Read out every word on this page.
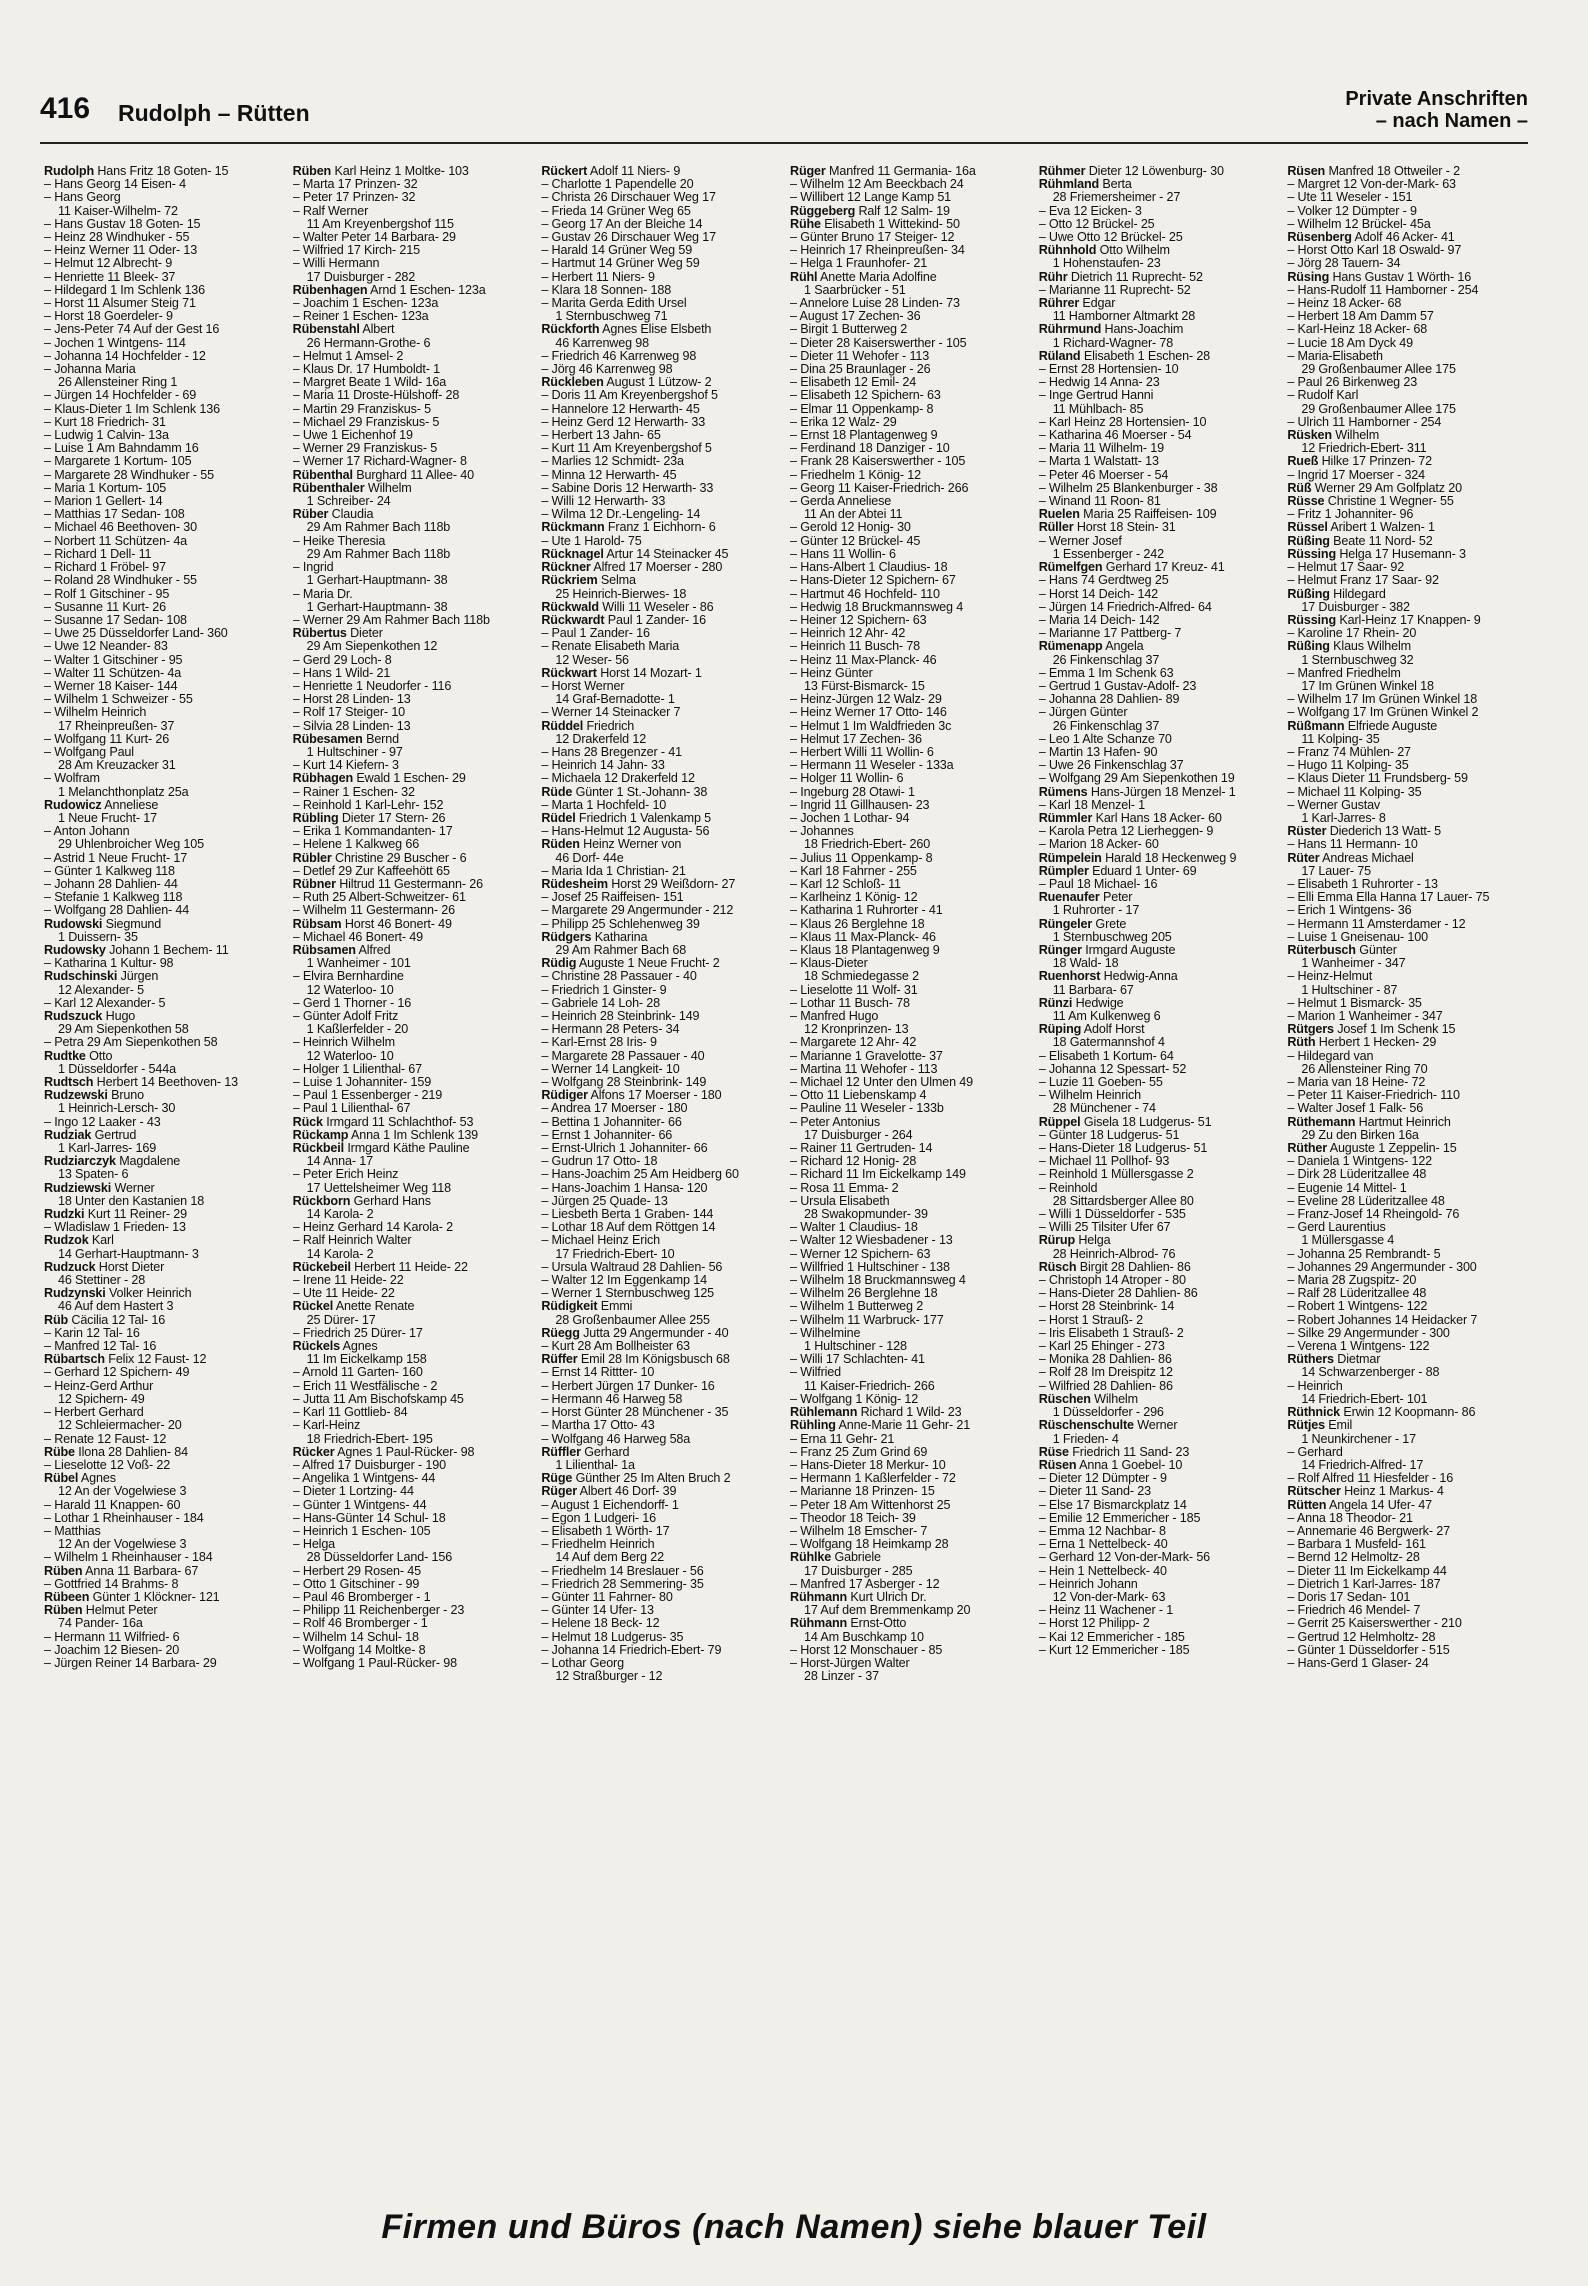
416 Rudolph – Rütten
Private Anschriften
– nach Namen –
Rudolph Hans Fritz 18 Goten- 15
– Hans Georg 14 Eisen- 4
– Hans Georg
11 Kaiser-Wilhelm- 72
– Hans Gustav 18 Goten- 15
– Heinz 28 Windhuker - 55
– Heinz Werner 11 Oder- 13
– Helmut 12 Albrecht- 9
– Henriette 11 Bleek- 37
– Hildegard 1 Im Schlenk 136
– Horst 11 Alsumer Steig 71
– Horst 18 Goerdeler- 9
– Jens-Peter 74 Auf der Gest 16
– Jochen 1 Wintgens- 114
– Johanna 14 Hochfelder - 12
– Johanna Maria
26 Allensteiner Ring 1
– Jürgen 14 Hochfelder - 69
– Klaus-Dieter 1 Im Schlenk 136
– Kurt 18 Friedrich- 31
– Ludwig 1 Calvin- 13a
– Luise 1 Am Bahndamm 16
– Margarete 1 Kortum- 105
– Margarete 28 Windhuker - 55
– Maria 1 Kortum- 105
– Marion 1 Gellert- 14
– Matthias 17 Sedan- 108
– Michael 46 Beethoven- 30
– Norbert 11 Schützen- 4a
– Richard 1 Dell- 11
– Richard 1 Fröbel- 97
– Roland 28 Windhuker - 55
– Rolf 1 Gitschiner - 95
– Susanne 11 Kurt- 26
– Susanne 17 Sedan- 108
– Uwe 25 Düsseldorfer Land- 360
– Uwe 12 Neander- 83
– Walter 1 Gitschiner - 95
– Walter 11 Schützen- 4a
– Werner 18 Kaiser- 144
– Wilhelm 1 Schweizer - 55
– Wilhelm Heinrich
17 Rheinpreußen- 37
– Wolfgang 11 Kurt- 26
– Wolfgang Paul
28 Am Kreuzacker 31
– Wolfram
1 Melanchthonplatz 25a
Rudowicz Anneliese
1 Neue Frucht- 17
– Anton Johann
29 Uhlenbroicher Weg 105
– Astrid 1 Neue Frucht- 17
– Günter 1 Kalkweg 118
– Johann 28 Dahlien- 44
– Stefanie 1 Kalkweg 118
– Wolfgang 28 Dahlien- 44
Rudowski Siegmund
1 Duissern- 35
Rudowsky Johann 1 Bechem- 11
– Katharina 1 Kultur- 98
Rudschinski Jürgen
12 Alexander- 5
– Karl 12 Alexander- 5
Rudszuck Hugo
29 Am Siepenkothen 58
– Petra 29 Am Siepenkothen 58
Rudtke Otto
1 Düsseldorfer - 544a
Rudtsch Herbert 14 Beethoven- 13
Rudzewski Bruno
1 Heinrich-Lersch- 30
– Ingo 12 Laaker - 43
Rudziak Gertrud
1 Karl-Jarres- 169
Rudziarczyk Magdalene
13 Spaten- 6
Rudziewski Werner
18 Unter den Kastanien 18
Rudzki Kurt 11 Reiner- 29
– Wladislaw 1 Frieden- 13
Rudzok Karl
14 Gerhart-Hauptmann- 3
Rudzuck Horst Dieter
46 Stettiner - 28
Rudzynski Volker Heinrich
46 Auf dem Hastert 3
Rüb Cäcilia 12 Tal- 16
– Karin 12 Tal- 16
– Manfred 12 Tal- 16
Rübartsch Felix 12 Faust- 12
– Gerhard 12 Spichern- 49
– Heinz-Gerd Arthur
12 Spichern- 49
– Herbert Gerhard
12 Schleiermacher- 20
– Renate 12 Faust- 12
Rübe Ilona 28 Dahlien- 84
– Lieselotte 12 Voß- 22
Rübel Agnes
12 An der Vogelwiese 3
– Harald 11 Knappen- 60
– Lothar 1 Rheinhauser - 184
– Matthias
12 An der Vogelwiese 3
– Wilhelm 1 Rheinhauser - 184
Rüben Anna 11 Barbara- 67
– Gottfried 14 Brahms- 8
Rübeen Günter 1 Klöckner- 121
Rüben Helmut Peter
74 Pander- 16a
– Hermann 11 Wilfried- 6
– Joachim 12 Biesen- 20
– Jürgen Reiner 14 Barbara- 29
Rüben Karl Heinz 1 Moltke- 103
– Marta 17 Prinzen- 32
– Peter 17 Prinzen- 32
– Ralf Werner
11 Am Kreyenbergshof 115
– Walter Peter 14 Barbara- 29
– Wilfried 17 Kirch- 215
– Willi Hermann
17 Duisburger - 282
Rübenhagen Arnd 1 Eschen- 123a
– Joachim 1 Eschen- 123a
– Reiner 1 Eschen- 123a
Rübenstahl Albert
26 Hermann-Grothe- 6
– Helmut 1 Amsel- 2
– Klaus Dr. 17 Humboldt- 1
– Margret Beate 1 Wild- 16a
– Maria 11 Droste-Hülshoff- 28
– Martin 29 Franziskus- 5
– Michael 29 Franziskus- 5
– Uwe 1 Eichenhof 19
– Werner 29 Franziskus- 5
– Werner 17 Richard-Wagner- 8
Rübenthal Burghard 11 Allee- 40
Rübenthaler Wilhelm
1 Schreiber- 24
Rüber Claudia
29 Am Rahmer Bach 118b
– Heike Theresia
29 Am Rahmer Bach 118b
– Ingrid
1 Gerhart-Hauptmann- 38
– Maria Dr.
1 Gerhart-Hauptmann- 38
– Werner 29 Am Rahmer Bach 118b
Rübertus Dieter
29 Am Siepenkothen 12
– Gerd 29 Loch- 8
– Hans 1 Wild- 21
– Henriette 1 Neudorfer - 116
– Horst 28 Linden- 13
– Rolf 17 Steiger- 10
– Silvia 28 Linden- 13
Rübesamen Bernd
1 Hultschiner - 97
– Kurt 14 Kiefern- 3
Rübhagen Ewald 1 Eschen- 29
– Rainer 1 Eschen- 32
– Reinhold 1 Karl-Lehr- 152
Rübling Dieter 17 Stern- 26
– Erika 1 Kommandanten- 17
– Helene 1 Kalkweg 66
Rübler Christine 29 Buscher - 6
– Detlef 29 Zur Kaffeehött 65
Rübner Hiltrud 11 Gestermann- 26
– Ruth 25 Albert-Schweitzer- 61
– Wilhelm 11 Gestermann- 26
Rübsam Horst 46 Bonert- 49
– Michael 46 Bonert- 49
Rübsamen Alfred
1 Wanheimer - 101
– Elvira Bernhardine
12 Waterloo- 10
– Gerd 1 Thorner - 16
– Günter Adolf Fritz
1 Kaßlerfelder - 20
– Heinrich Wilhelm
12 Waterloo- 10
– Holger 1 Lilienthal- 67
– Luise 1 Johanniter- 159
– Paul 1 Essenberger - 219
– Paul 1 Lilienthal- 67
Rück Irmgard 11 Schlachthof- 53
Rückamp Anna 1 Im Schlenk 139
Rückbeil Irmgard Käthe Pauline
14 Anna- 17
– Peter Erich Heinz
17 Uettelsheimer Weg 118
Rückborn Gerhard Hans
14 Karola- 2
– Heinz Gerhard 14 Karola- 2
– Ralf Heinrich Walter
14 Karola- 2
Rückebeil Herbert 11 Heide- 22
– Irene 11 Heide- 22
– Ute 11 Heide- 22
Rückel Anette Renate
25 Dürer- 17
– Friedrich 25 Dürer- 17
Rückels Agnes
11 Im Eickelkamp 158
– Arnold 11 Garten- 160
– Erich 11 Westfälische - 2
– Jutta 11 Am Bischofskamp 45
– Karl 11 Gottlieb- 84
– Karl-Heinz
18 Friedrich-Ebert- 195
Rücker Agnes 1 Paul-Rücker- 98
– Alfred 17 Duisburger - 190
– Angelika 1 Wintgens- 44
– Dieter 1 Lortzing- 44
– Günter 1 Wintgens- 44
– Hans-Günter 14 Schul- 18
– Heinrich 1 Eschen- 105
– Helga
28 Düsseldorfer Land- 156
– Herbert 29 Rosen- 45
– Otto 1 Gitschiner - 99
– Paul 46 Bromberger - 1
– Philipp 11 Reichenberger - 23
– Rolf 46 Bromberger - 1
– Wilhelm 14 Schul- 18
– Wolfgang 14 Moltke- 8
– Wolfgang 1 Paul-Rücker- 98
Rückert Adolf 11 Niers- 9
– Charlotte 1 Papendelle 20
– Christa 26 Dirschauer Weg 17
– Frieda 14 Grüner Weg 65
– Georg 17 An der Bleiche 14
– Gustav 26 Dirschauer Weg 17
– Harald 14 Grüner Weg 59
– Hartmut 14 Grüner Weg 59
– Herbert 11 Niers- 9
– Klara 18 Sonnen- 188
– Marita Gerda Edith Ursel
1 Sternbuschweg 71
Rückforth Agnes Elise Elsbeth
46 Karrenweg 98
– Friedrich 46 Karrenweg 98
– Jörg 46 Karrenweg 98
Rückleben August 1 Lützow- 2
– Doris 11 Am Kreyenbergshof 5
– Hannelore 12 Herwarth- 45
– Heinz Gerd 12 Herwarth- 33
– Herbert 13 Jahn- 65
– Kurt 11 Am Kreyenbergshof 5
– Marlies 12 Schmidt- 23a
– Minna 12 Herwarth- 45
– Sabine Doris 12 Herwarth- 33
– Willi 12 Herwarth- 33
– Wilma 12 Dr.-Lengeling- 14
Rückmann Franz 1 Eichhorn- 6
– Ute 1 Harold- 75
Rücknagel Artur 14 Steinacker 45
Rückner Alfred 17 Moerser - 280
Rückriem Selma
25 Heinrich-Bierwes- 18
Rückwald Willi 11 Weseler - 86
Rückwardt Paul 1 Zander- 16
– Paul 1 Zander- 16
– Renate Elisabeth Maria
12 Weser- 56
Rückwart Horst 14 Mozart- 1
– Horst Werner
14 Graf-Bernadotte- 1
– Werner 14 Steinacker 7
Rüddel Friedrich
12 Drakerfeld 12
– Hans 28 Bregenzer - 41
– Heinrich 14 Jahn- 33
– Michaela 12 Drakerfeld 12
Rüde Günter 1 St.-Johann- 38
– Marta 1 Hochfeld- 10
Rüdel Friedrich 1 Valenkamp 5
– Hans-Helmut 12 Augusta- 56
Rüden Heinz Werner von
46 Dorf- 44e
– Maria Ida 1 Christian- 21
Rüdesheim Horst 29 Weißdorn- 27
– Josef 25 Raiffeisen- 151
– Margarete 29 Angermunder - 212
– Philipp 25 Schlehenweg 39
Rüdgers Katharina
29 Am Rahmer Bach 68
Rüdig Auguste 1 Neue Frucht- 2
– Christine 28 Passauer - 40
– Friedrich 1 Ginster- 9
– Gabriele 14 Loh- 28
– Heinrich 28 Steinbrink- 149
– Hermann 28 Peters- 34
– Karl-Ernst 28 Iris- 9
– Margarete 28 Passauer - 40
– Werner 14 Langkeit- 10
– Wolfgang 28 Steinbrink- 149
Rüdiger Alfons 17 Moerser - 180
– Andrea 17 Moerser - 180
– Bettina 1 Johanniter- 66
– Ernst 1 Johanniter- 66
– Ernst-Ulrich 1 Johanniter- 66
– Gudrun 17 Otto- 18
– Hans-Joachim 25 Am Heidberg 60
– Hans-Joachim 1 Hansa- 120
– Jürgen 25 Quade- 13
– Liesbeth Berta 1 Graben- 144
– Lothar 18 Auf dem Röttgen 14
– Michael Heinz Erich
17 Friedrich-Ebert- 10
– Ursula Waltraud 28 Dahlien- 56
– Walter 12 Im Eggenkamp 14
– Werner 1 Sternbuschweg 125
Rüdigkeit Emmi
28 Großenbaumer Allee 255
Rüegg Jutta 29 Angermunder - 40
– Kurt 28 Am Bollheister 63
Rüffer Emil 28 Im Königsbusch 68
– Ernst 14 Rittter- 10
– Herbert Jürgen 17 Dunker- 16
– Hermann 46 Harweg 58
– Horst Günter 28 Münchener - 35
– Martha 17 Otto- 43
– Wolfgang 46 Harweg 58a
Rüffler Gerhard
1 Lilienthal- 1a
Rüge Günther 25 Im Alten Bruch 2
Rüger Albert 46 Dorf- 39
– August 1 Eichendorff- 1
– Egon 1 Ludgeri- 16
– Elisabeth 1 Wörth- 17
– Friedhelm Heinrich
14 Auf dem Berg 22
– Friedhelm 14 Breslauer - 56
– Friedrich 28 Semmering- 35
– Günter 11 Fahrner- 80
– Günter 14 Ufer- 13
– Helene 18 Beck- 12
– Helmut 18 Ludgerus- 35
– Johanna 14 Friedrich-Ebert- 79
– Lothar Georg
12 Straßburger - 12
Rüger Manfred 11 Germania- 16a
– Wilhelm 12 Am Beeckbach 24
– Willibert 12 Lange Kamp 51
Rüggeberg Ralf 12 Salm- 19
Rühe Elisabeth 1 Wittekind- 50
– Günter Bruno 17 Steiger- 12
– Heinrich 17 Rheinpreußen- 34
– Helga 1 Fraunhofer- 21
Rühl Anette Maria Adolfine
1 Saarbrücker - 51
– Annelore Luise 28 Linden- 73
– August 17 Zechen- 36
– Birgit 1 Butterweg 2
– Dieter 28 Kaiserswerther - 105
– Dieter 11 Wehofer - 113
– Dina 25 Braunlager - 26
– Elisabeth 12 Emil- 24
– Elisabeth 12 Spichern- 63
– Elmar 11 Oppenkamp- 8
– Erika 12 Walz- 29
– Ernst 18 Plantagenweg 9
– Ferdinand 18 Danziger - 10
– Frank 28 Kaiserswerther - 105
– Friedhelm 1 König- 12
– Georg 11 Kaiser-Friedrich- 266
– Gerda Anneliese
11 An der Abtei 11
– Gerold 12 Honig- 30
– Günter 12 Brückel- 45
– Hans 11 Wollin- 6
– Hans-Albert 1 Claudius- 18
– Hans-Dieter 12 Spichern- 67
– Hartmut 46 Hochfeld- 110
– Hedwig 18 Bruckmannsweg 4
– Heiner 12 Spichern- 63
– Heinrich 12 Ahr- 42
– Heinrich 11 Busch- 78
– Heinz 11 Max-Planck- 46
– Heinz Günter
13 Fürst-Bismarck- 15
– Heinz-Jürgen 12 Walz- 29
– Heinz Werner 17 Otto- 146
– Helmut 1 Im Waldfrieden 3c
– Helmut 17 Zechen- 36
– Herbert Willi 11 Wollin- 6
– Hermann 11 Weseler - 133a
– Holger 11 Wollin- 6
– Ingeburg 28 Otawi- 1
– Ingrid 11 Gillhausen- 23
– Jochen 1 Lothar- 94
– Johannes
18 Friedrich-Ebert- 260
– Julius 11 Oppenkamp- 8
– Karl 18 Fahrner - 255
– Karl 12 Schloß- 11
– Karlheinz 1 König- 12
– Katharina 1 Ruhrorter - 41
– Klaus 26 Berglehne 18
– Klaus 11 Max-Planck- 46
– Klaus 18 Plantagenweg 9
– Klaus-Dieter
18 Schmiedegasse 2
– Lieselotte 11 Wolf- 31
– Lothar 11 Busch- 78
– Manfred Hugo
12 Kronprinzen- 13
– Margarete 12 Ahr- 42
– Marianne 1 Gravelotte- 37
– Martina 11 Wehofer - 113
– Michael 12 Unter den Ulmen 49
– Otto 11 Liebenskamp 4
– Pauline 11 Weseler - 133b
– Peter Antonius
17 Duisburger - 264
– Rainer 11 Gertruden- 14
– Richard 12 Honig- 28
– Richard 11 Im Eickelkamp 149
– Rosa 11 Emma- 2
– Ursula Elisabeth
28 Swakopmunder- 39
– Walter 1 Claudius- 18
– Walter 12 Wiesbadener - 13
– Werner 12 Spichern- 63
– Willfried 1 Hultschiner - 138
– Wilhelm 18 Bruckmannsweg 4
– Wilhelm 26 Berglehne 18
– Wilhelm 1 Butterweg 2
– Wilhelm 11 Warbruck- 177
– Wilhelmine
1 Hultschiner - 128
– Willi 17 Schlachten- 41
– Wilfried
11 Kaiser-Friedrich- 266
– Wolfgang 1 König- 12
Rühlemann Richard 1 Wild- 23
Rühling Anne-Marie 11 Gehr- 21
– Erna 11 Gehr- 21
– Franz 25 Zum Grind 69
– Hans-Dieter 18 Merkur- 10
– Hermann 1 Kaßlerfelder - 72
– Marianne 18 Prinzen- 15
– Peter 18 Am Wittenhorst 25
– Theodor 18 Teich- 39
– Wilhelm 18 Emscher- 7
– Wolfgang 18 Heimkamp 28
Rühlke Gabriele
17 Duisburger - 285
– Manfred 17 Asberger - 12
Rühmann Kurt Ulrich Dr.
17 Auf dem Bremmenkamp 20
Rühmann Ernst-Otto
14 Am Buschkamp 10
– Horst 12 Monschauer - 85
– Horst-Jürgen Walter
28 Linzer - 37
Rühmer Dieter 12 Löwenburg- 30
Rühmland Berta
28 Friemersheimer - 27
– Eva 12 Eicken- 3
– Otto 12 Brückel- 25
– Uwe Otto 12 Brückel- 25
Rühnhold Otto Wilhelm
1 Hohenstaufen- 23
Rühr Dietrich 11 Ruprecht- 52
– Marianne 11 Ruprecht- 52
Rührer Edgar
11 Hamborner Altmarkt 28
Rührmund Hans-Joachim
1 Richard-Wagner- 78
Rüland Elisabeth 1 Eschen- 28
– Ernst 28 Hortensien- 10
– Hedwig 14 Anna- 23
– Inge Gertrud Hanni
11 Mühlbach- 85
– Karl Heinz 28 Hortensien- 10
– Katharina 46 Moerser - 54
– Maria 11 Wilhelm- 19
– Marta 1 Walstatt- 13
– Peter 46 Moerser - 54
– Wilhelm 25 Blankenburger - 38
– Winand 11 Roon- 81
Ruelen Maria 25 Raiffeisen- 109
Rüller Horst 18 Stein- 31
– Werner Josef
1 Essenberger - 242
Rümelfgen Gerhard 17 Kreuz- 41
– Hans 74 Gerdtweg 25
– Horst 14 Deich- 142
– Jürgen 14 Friedrich-Alfred- 64
– Maria 14 Deich- 142
– Marianne 17 Pattberg- 7
Rümenapp Angela
26 Finkenschlag 37
– Emma 1 Im Schenk 63
– Gertrud 1 Gustav-Adolf- 23
– Johanna 28 Dahlien- 89
– Jürgen Günter
26 Finkenschlag 37
– Leo 1 Alte Schanze 70
– Martin 13 Hafen- 90
– Uwe 26 Finkenschlag 37
– Wolfgang 29 Am Siepenkothen 19
Rümens Hans-Jürgen 18 Menzel- 1
– Karl 18 Menzel- 1
Rümmler Karl Hans 18 Acker- 60
– Karola Petra 12 Lierheggen- 9
– Marion 18 Acker- 60
Rümpelein Harald 18 Heckenweg 9
Rümpler Eduard 1 Unter- 69
– Paul 18 Michael- 16
Ruenaufer Peter
1 Ruhrorter - 17
Rüngeler Grete
1 Sternbuschweg 205
Rünger Irmgard Auguste
18 Wald- 18
Ruenhorst Hedwig-Anna
11 Barbara- 67
Rünzi Hedwige
11 Am Kulkenweg 6
Rüping Adolf Horst
18 Gatermannshof 4
– Elisabeth 1 Kortum- 64
– Johanna 12 Spessart- 52
– Luzie 11 Goeben- 55
– Wilhelm Heinrich
28 Münchener - 74
Rüppel Gisela 18 Ludgerus- 51
– Günter 18 Ludgerus- 51
– Hans-Dieter 18 Ludgerus- 51
– Michael 11 Pollhof- 93
– Reinhold 1 Müllersgasse 2
– Reinhold
28 Sittardsberger Allee 80
– Willi 1 Düsseldorfer - 535
– Willi 25 Tilsiter Ufer 67
Rürup Helga
28 Heinrich-Albrod- 76
Rüsch Birgit 28 Dahlien- 86
– Christoph 14 Atroper - 80
– Hans-Dieter 28 Dahlien- 86
– Horst 28 Steinbrink- 14
– Horst 1 Strauß- 2
– Iris Elisabeth 1 Strauß- 2
– Karl 25 Ehinger - 273
– Monika 28 Dahlien- 86
– Rolf 28 Im Dreispitz 12
– Wilfried 28 Dahlien- 86
Rüschen Wilhelm
1 Düsseldorfer - 296
Rüschenschulte Werner
1 Frieden- 4
Rüse Friedrich 11 Sand- 23
Rüsen Anna 1 Goebel- 10
– Dieter 12 Dümpter - 9
– Dieter 11 Sand- 23
– Else 17 Bismarckplatz 14
– Emilie 12 Emmericher - 185
– Emma 12 Nachbar- 8
– Erna 1 Nettelbeck- 40
– Gerhard 12 Von-der-Mark- 56
– Hein 1 Nettelbeck- 40
– Heinrich Johann
12 Von-der-Mark- 63
– Heinz 11 Wachener - 1
– Horst 12 Philipp- 2
– Kai 12 Emmericher - 185
– Kurt 12 Emmericher - 185
Rüsen Manfred 18 Ottweiler - 2
– Margret 12 Von-der-Mark- 63
– Ute 11 Weseler - 151
– Volker 12 Dümpter - 9
– Wilhelm 12 Brückel- 45a
Rüsenberg Adolf 46 Acker- 41
– Horst Otto Karl 18 Oswald- 97
– Jörg 28 Tauern- 34
Rüsing Hans Gustav 1 Wörth- 16
– Hans-Rudolf 11 Hamborner - 254
– Heinz 18 Acker- 68
– Herbert 18 Am Damm 57
– Karl-Heinz 18 Acker- 68
– Lucie 18 Am Dyck 49
– Maria-Elisabeth
29 Großenbaumer Allee 175
– Paul 26 Birkenweg 23
– Rudolf Karl
29 Großenbaumer Allee 175
– Ulrich 11 Hamborner - 254
Rüsken Wilhelm
12 Friedrich-Ebert- 311
Rueß Hilke 17 Prinzen- 72
– Ingrid 17 Moerser - 324
Rüß Werner 29 Am Golfplatz 20
Rüsse Christine 1 Wegner- 55
– Fritz 1 Johanniter- 96
Rüssel Aribert 1 Walzen- 1
Rüßing Beate 11 Nord- 52
Rüssing Helga 17 Husemann- 3
– Helmut 17 Saar- 92
– Helmut Franz 17 Saar- 92
Rüßing Hildegard
17 Duisburger - 382
Rüssing Karl-Heinz 17 Knappen- 9
– Karoline 17 Rhein- 20
Rüßing Klaus Wilhelm
1 Sternbuschweg 32
– Manfred Friedhelm
17 Im Grünen Winkel 18
– Wilhelm 17 Im Grünen Winkel 18
– Wolfgang 17 Im Grünen Winkel 2
Rüßmann Elfriede Auguste
11 Kolping- 35
– Franz 74 Mühlen- 27
– Hugo 11 Kolping- 35
– Klaus Dieter 11 Frundsberg- 59
– Michael 11 Kolping- 35
– Werner Gustav
1 Karl-Jarres- 8
Rüster Diederich 13 Watt- 5
– Hans 11 Hermann- 10
Rüter Andreas Michael
17 Lauer- 75
– Elisabeth 1 Ruhrorter - 13
– Elli Emma Ella Hanna 17 Lauer- 75
– Erich 1 Wintgens- 36
– Hermann 11 Amsterdamer - 12
– Luise 1 Gneisenau- 100
Rüterbusch Günter
1 Wanheimer - 347
– Heinz-Helmut
1 Hultschiner - 87
– Helmut 1 Bismarck- 35
– Marion 1 Wanheimer - 347
Rütgers Josef 1 Im Schenk 15
Rüth Herbert 1 Hecken- 29
– Hildegard van
26 Allensteiner Ring 70
– Maria van 18 Heine- 72
– Peter 11 Kaiser-Friedrich- 110
– Walter Josef 1 Falk- 56
Rüthemann Hartmut Heinrich
29 Zu den Birken 16a
Rüther Auguste 1 Zeppelin- 15
– Daniela 1 Wintgens- 122
– Dirk 28 Lüderitzallee 48
– Eugenie 14 Mittel- 1
– Eveline 28 Lüderitzallee 48
– Franz-Josef 14 Rheingold- 76
– Gerd Laurentius
1 Müllersgasse 4
– Johanna 25 Rembrandt- 5
– Johannes 29 Angermunder - 300
– Maria 28 Zugspitz- 20
– Ralf 28 Lüderitzallee 48
– Robert 1 Wintgens- 122
– Robert Johannes 14 Heidacker 7
– Silke 29 Angermunder - 300
– Verena 1 Wintgens- 122
Rüthers Dietmar
14 Schwarzenberger - 88
– Heinrich
14 Friedrich-Ebert- 101
Rüthnick Erwin 12 Koopmann- 86
Rütjes Emil
1 Neunkirchener - 17
– Gerhard
14 Friedrich-Alfred- 17
– Rolf Alfred 11 Hiesfelder - 16
Rütscher Heinz 1 Markus- 4
Rütten Angela 14 Ufer- 47
– Anna 18 Theodor- 21
– Annemarie 46 Bergwerk- 27
– Barbara 1 Musfeld- 161
– Bernd 12 Helmoltz- 28
– Dieter 11 Im Eickelkamp 44
– Dietrich 1 Karl-Jarres- 187
– Doris 17 Sedan- 101
– Friedrich 46 Mendel- 7
– Gerrit 25 Kaiserswerther - 210
– Gertrud 12 Helmholtz- 28
– Günter 1 Düsseldorfer - 515
– Hans-Gerd 1 Glaser- 24
Firmen und Büros (nach Namen) siehe blauer Teil
